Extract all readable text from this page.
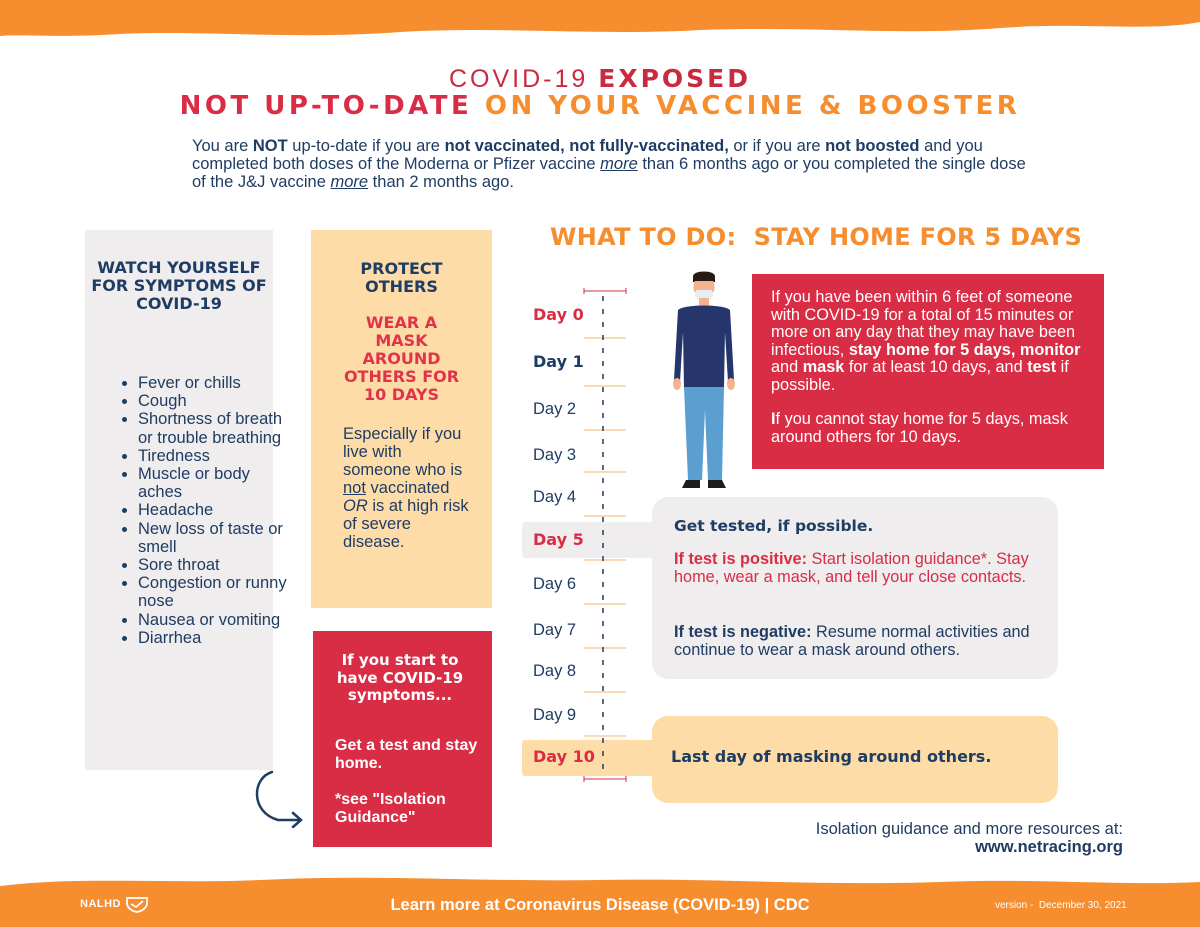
COVID-19 EXPOSED
NOT UP-TO-DATE ON YOUR VACCINE & BOOSTER
You are NOT up-to-date if you are not vaccinated, not fully-vaccinated, or if you are not boosted and you completed both doses of the Moderna or Pfizer vaccine more than 6 months ago or you completed the single dose of the J&J vaccine more than 2 months ago.
WATCH YOURSELF FOR SYMPTOMS OF COVID-19
• Fever or chills
• Cough
• Shortness of breath or trouble breathing
• Tiredness
• Muscle or body aches
• Headache
• New loss of taste or smell
• Sore throat
• Congestion or runny nose
• Nausea or vomiting
• Diarrhea
PROTECT OTHERS
WEAR A MASK AROUND OTHERS FOR 10 DAYS
Especially if you live with someone who is not vaccinated OR is at high risk of severe disease.
If you start to have COVID-19 symptoms...
Get a test and stay home.
*see "Isolation Guidance"
WHAT TO DO:  STAY HOME FOR 5 DAYS
Day 0
Day 1
Day 2
Day 3
Day 4
Day 5
Day 6
Day 7
Day 8
Day 9
Day 10
If you have been within 6 feet of someone with COVID-19 for a total of 15 minutes or more on any day that they may have been infectious, stay home for 5 days, monitor and mask for at least 10 days, and test if possible.
If you cannot stay home for 5 days, mask around others for 10 days.
Get tested, if possible.
If test is positive: Start isolation guidance*. Stay home, wear a mask, and tell your close contacts.
If test is negative: Resume normal activities and continue to wear a mask around others.
Last day of masking around others.
Isolation guidance and more resources at:
www.netracing.org
NALHD	Learn more at Coronavirus Disease (COVID-19) | CDC	version -  December 30, 2021
